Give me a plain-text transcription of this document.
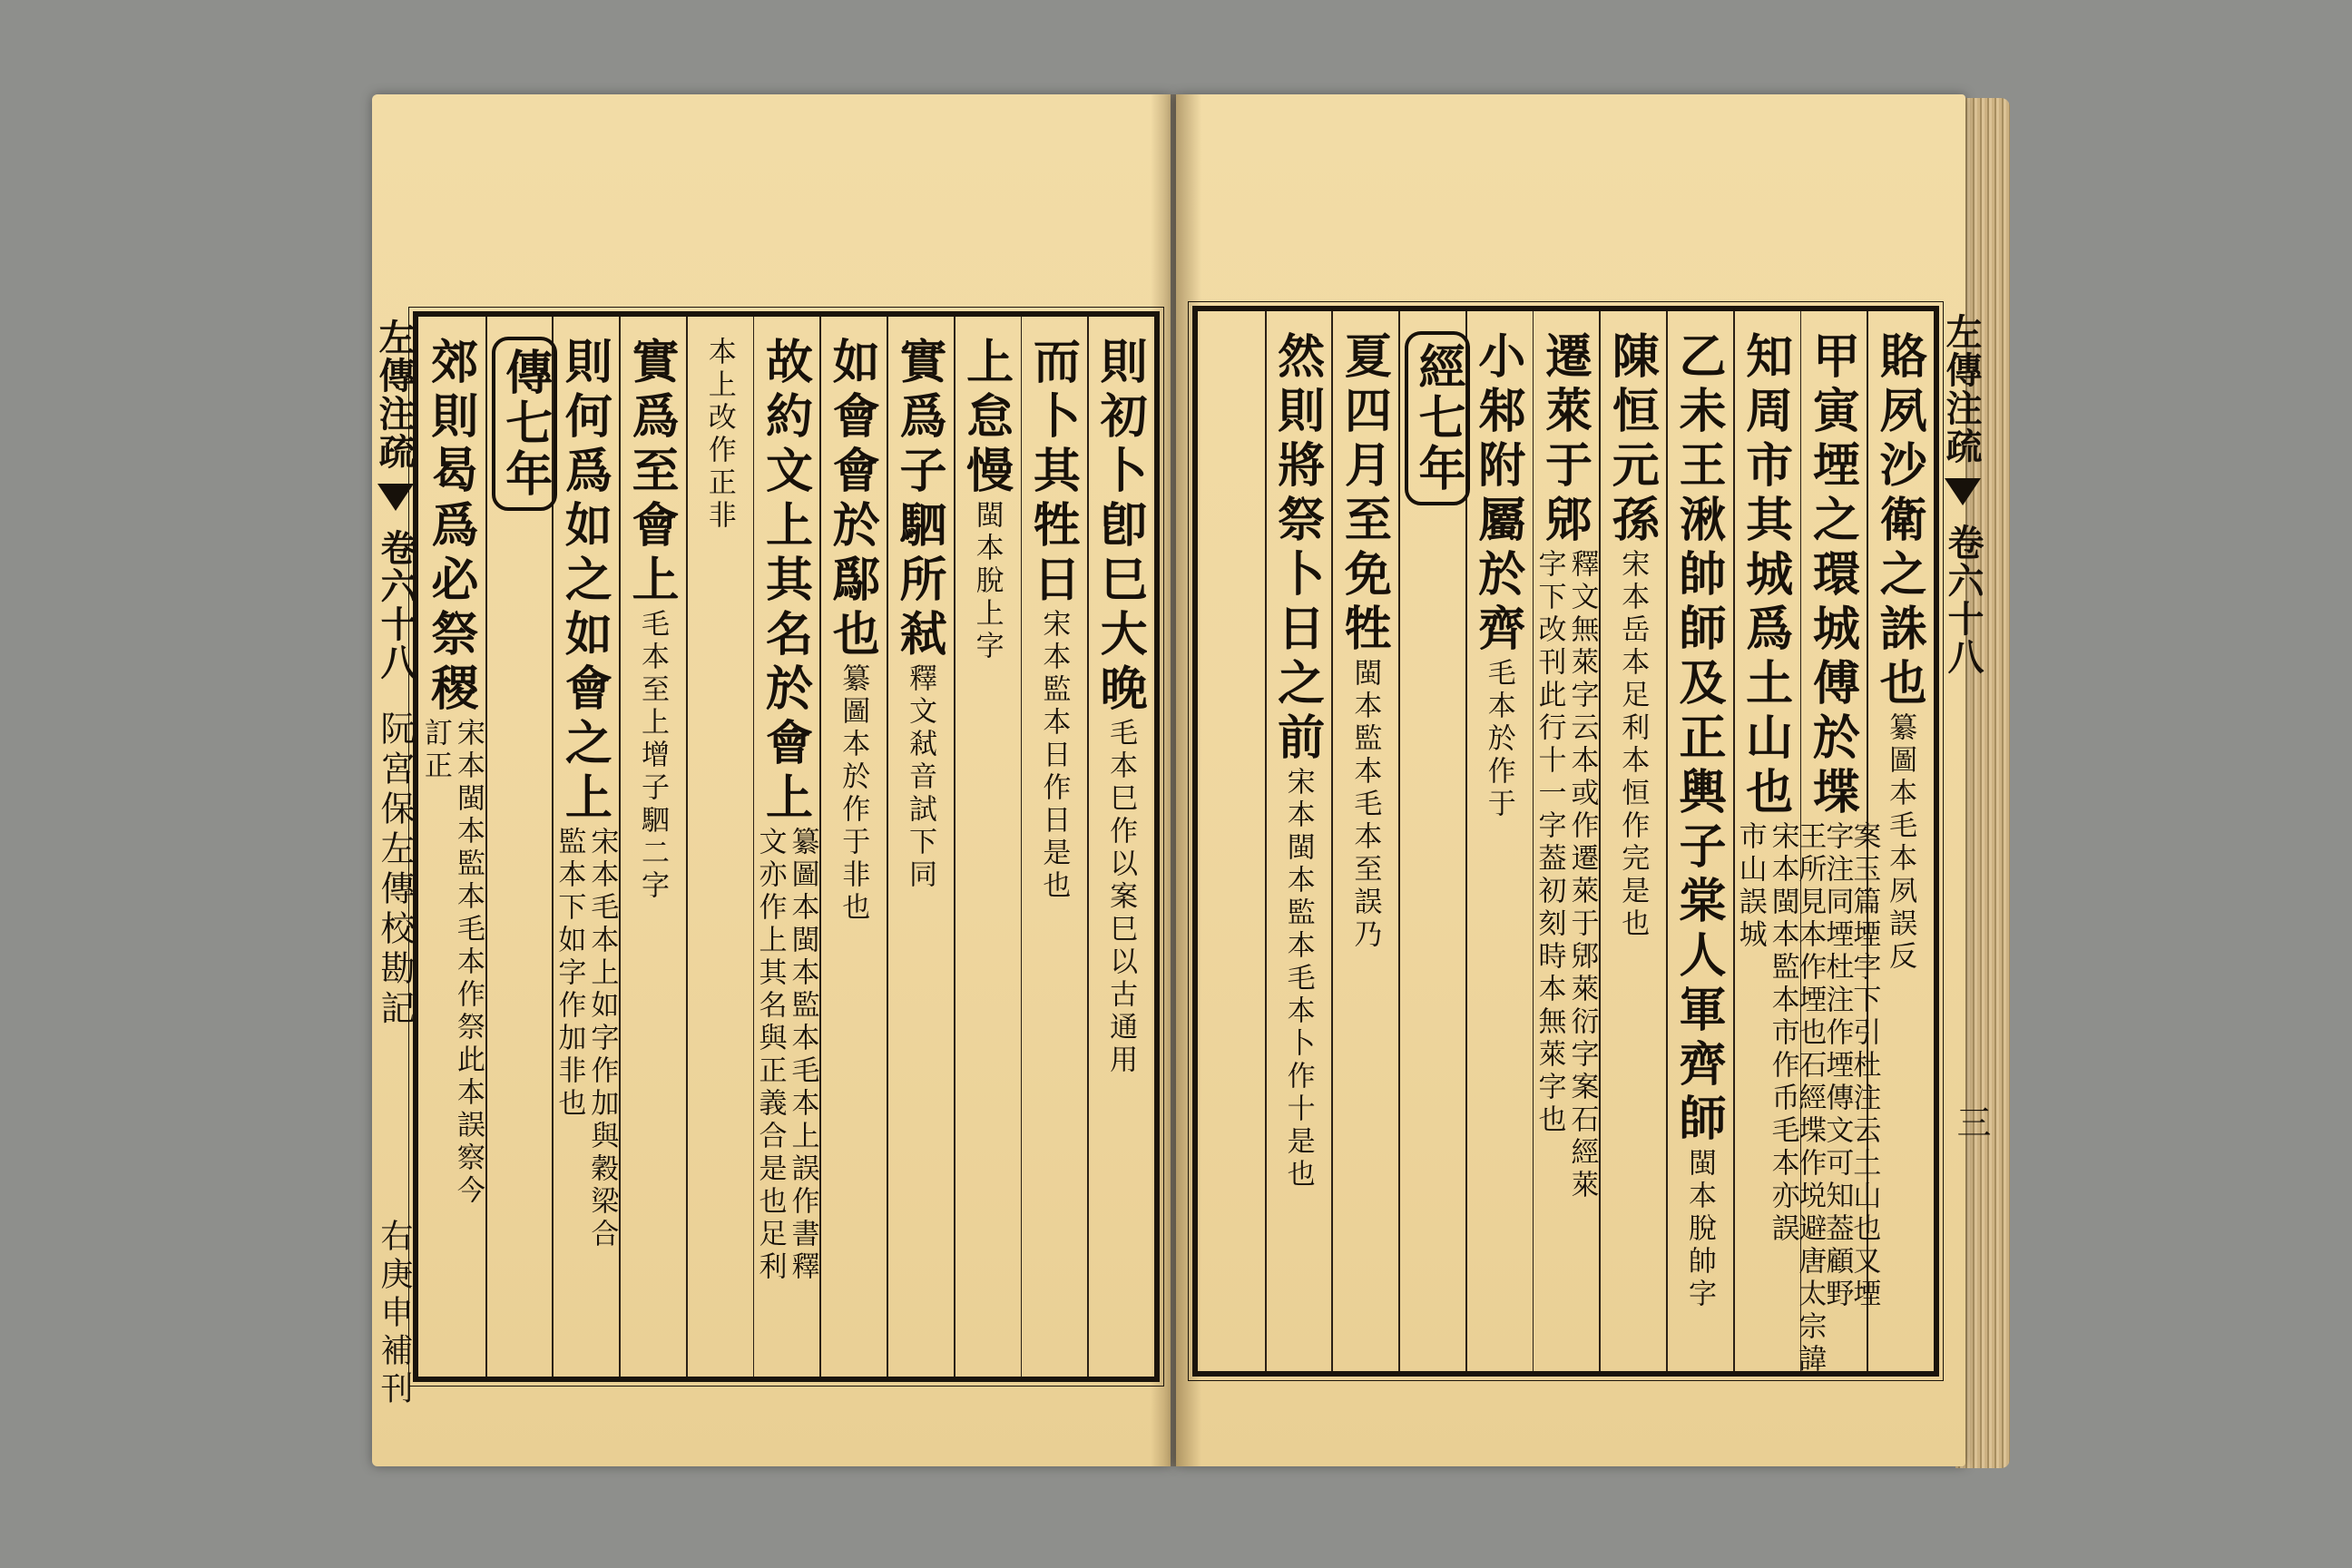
則初卜卽巳大晚
毛本巳作以案巳以古通用
而卜其牲日
宋本監本日作日是也
上怠慢
閩本脫上字
實爲子駟所弒
釋文弒音試下同
如會會於鄬也
纂圖本於作于非也
故約文上其名於會上
纂圖本閩本監本毛本上誤作書釋
文亦作上其名與正義合是也足利
本上改作正非
實爲至會上
毛本至上增子駟二字
則何爲如之如會之上
宋本毛本上如字作加與穀梁合
監本下如字作加非也
傳七年
郊則曷爲必祭稷
宋本閩本監本毛本作祭此本誤察今
訂正
左傳注疏
卷六十八
阮宮保左傳校勘記
右庚申補刊
賂夙沙衛之誅也
纂圖本毛本夙誤反
甲寅堙之環城傅於堞
案玉篇堙字下引杜注云土山也又堙
字注同堙杜注作堙傳文可知葢顧野
王所見本作堙也石經堞作㙂避唐太宗諱
知周市其城爲土山也
宋本閩本監本市作币毛本亦誤
市山誤城
乙未王湫帥師及正輿子棠人軍齊師
閩本脫帥字
陳恒元孫
宋本岳本足利本恒作完是也
遷萊于郳
釋文無萊字云本或作遷萊于郳萊衍字案石經萊
字下改刊此行十一字葢初刻時本無萊字也
小邾附屬於齊
毛本於作于
經七年
夏四月至免牲
閩本監本毛本至誤乃
然則將祭卜日之前
宋本閩本監本毛本卜作十是也
左傳注疏
卷六十八
三
